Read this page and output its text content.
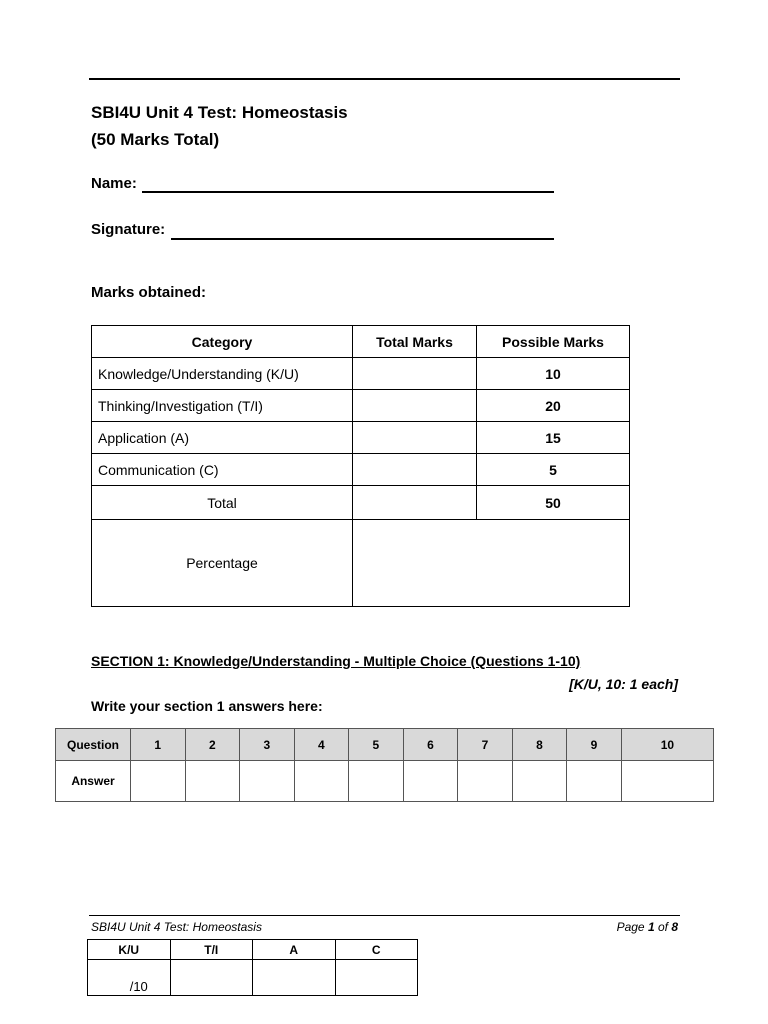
SBI4U Unit 4 Test: Homeostasis
(50 Marks Total)
Name:
Signature:
Marks obtained:
Category	Total Marks	Possible Marks
Knowledge/Understanding (K/U)		10
Thinking/Investigation (T/I)		20
Application (A)		15
Communication (C)		5
Total		50
Percentage		
SECTION 1: Knowledge/Understanding - Multiple Choice (Questions 1-10)
[K/U, 10: 1 each]
Write your section 1 answers here:
Question	1	2	3	4	5	6	7	8	9	10
Answer										
SBI4U Unit 4 Test: Homeostasis	Page 1 of 8
K/U	T/I	A	C
/10			
